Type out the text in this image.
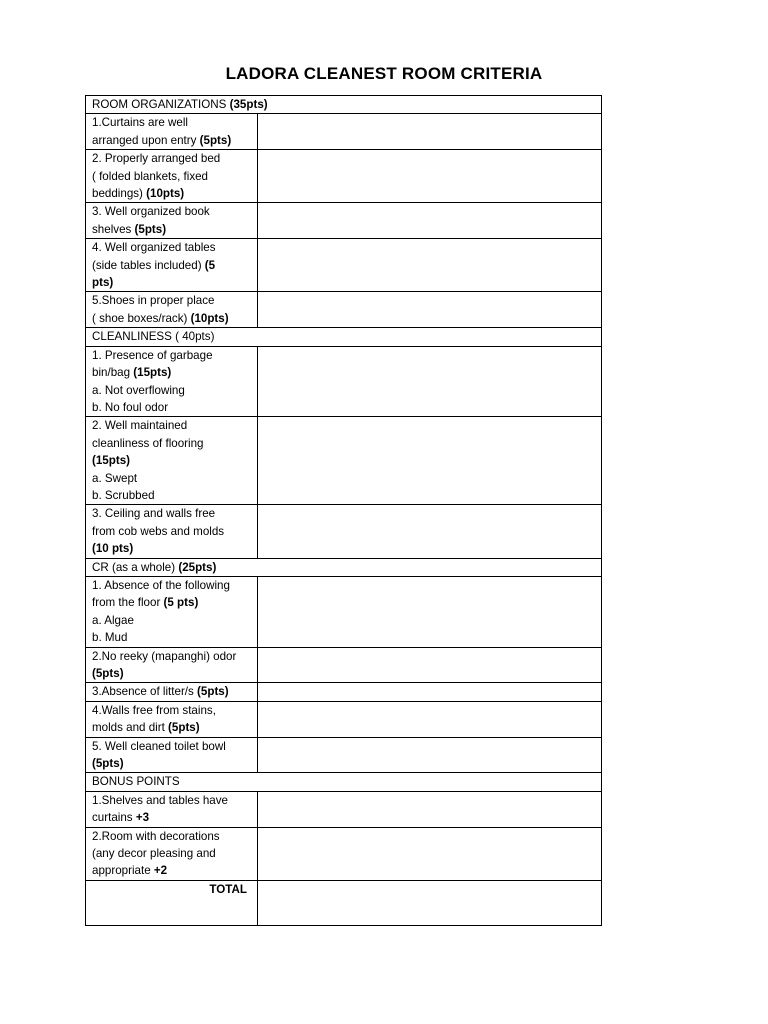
LADORA CLEANEST ROOM CRITERIA
ROOM ORGANIZATIONS (35pts)	

1.Curtains are well
arranged upon entry (5pts)	

2. Properly arranged bed
( folded blankets, fixed
beddings) (10pts)	

3. Well organized book
shelves (5pts)	

4. Well organized tables
(side tables included) (5
pts)	

5.Shoes in proper place
( shoe boxes/rack) (10pts)	

CLEANLINESS ( 40pts)	

1. Presence of garbage
bin/bag (15pts)
a. Not overflowing
b. No foul odor	

2. Well maintained
cleanliness of flooring
(15pts)
a. Swept
b. Scrubbed	

3. Ceiling and walls free
from cob webs and molds
(10 pts)	

CR (as a whole) (25pts)	

1. Absence of the following
from the floor (5 pts)
a. Algae
b. Mud	

2.No reeky (mapanghi) odor
(5pts)	

3.Absence of litter/s (5pts)	

4.Walls free from stains,
molds and dirt (5pts)	

5. Well cleaned toilet bowl
(5pts)	

BONUS POINTS	

1.Shelves and tables have
curtains +3	

2.Room with decorations
(any decor pleasing and
appropriate +2	

TOTAL	
